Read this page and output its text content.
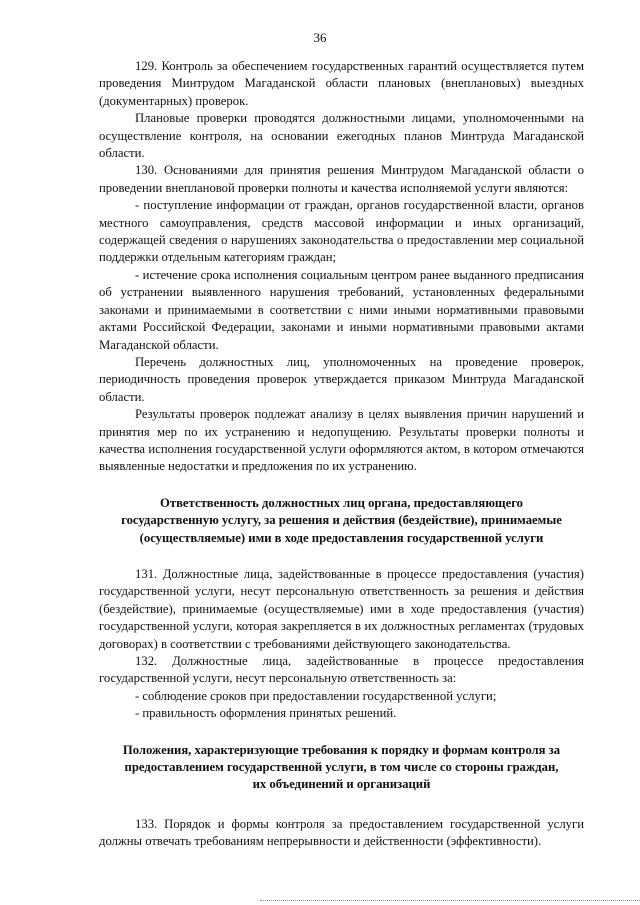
36

129. Контроль за обеспечением государственных гарантий осуществляется путем проведения Минтрудом Магаданской области плановых (внеплановых) выездных (документарных) проверок.

Плановые проверки проводятся должностными лицами, уполномоченными на осуществление контроля, на основании ежегодных планов Минтруда Магаданской области.

130. Основаниями для принятия решения Минтрудом Магаданской области о проведении внеплановой проверки полноты и качества исполняемой услуги являются:

- поступление информации от граждан, органов государственной власти, органов местного самоуправления, средств массовой информации и иных организаций, содержащей сведения о нарушениях законодательства о предоставлении мер социальной поддержки отдельным категориям граждан;

- истечение срока исполнения социальным центром ранее выданного предписания об устранении выявленного нарушения требований, установленных федеральными законами и принимаемыми в соответствии с ними иными нормативными правовыми актами Российской Федерации, законами и иными нормативными правовыми актами Магаданской области.

Перечень должностных лиц, уполномоченных на проведение проверок, периодичность проведения проверок утверждается приказом Минтруда Магаданской области.

Результаты проверок подлежат анализу в целях выявления причин нарушений и принятия мер по их устранению и недопущению. Результаты проверки полноты и качества исполнения государственной услуги оформляются актом, в котором отмечаются выявленные недостатки и предложения по их устранению.

Ответственность должностных лиц органа, предоставляющего государственную услугу, за решения и действия (бездействие), принимаемые (осуществляемые) ими в ходе предоставления государственной услуги

131. Должностные лица, задействованные в процессе предоставления (участия) государственной услуги, несут персональную ответственность за решения и действия (бездействие), принимаемые (осуществляемые) ими в ходе предоставления (участия) государственной услуги, которая закрепляется в их должностных регламентах (трудовых договорах) в соответствии с требованиями действующего законодательства.

132. Должностные лица, задействованные в процессе предоставления государственной услуги, несут персональную ответственность за:

- соблюдение сроков при предоставлении государственной услуги;

- правильность оформления принятых решений.

Положения, характеризующие требования к порядку и формам контроля за предоставлением государственной услуги, в том числе со стороны граждан, их объединений и организаций

133. Порядок и формы контроля за предоставлением государственной услуги должны отвечать требованиям непрерывности и действенности (эффективности).
